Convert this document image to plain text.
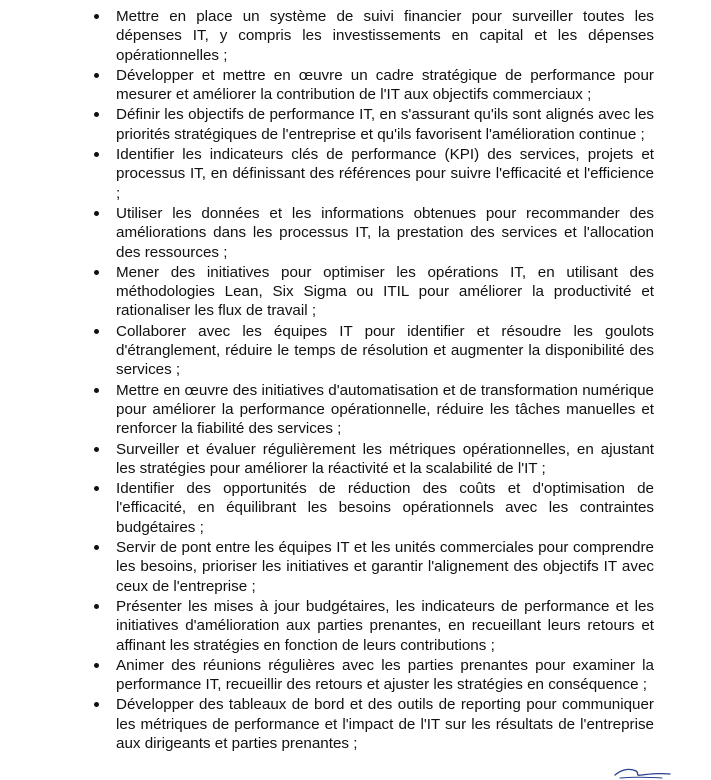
Mettre en place un système de suivi financier pour surveiller toutes les dépenses IT, y compris les investissements en capital et les dépenses opérationnelles ;
Développer et mettre en œuvre un cadre stratégique de performance pour mesurer et améliorer la contribution de l'IT aux objectifs commerciaux ;
Définir les objectifs de performance IT, en s'assurant qu'ils sont alignés avec les priorités stratégiques de l'entreprise et qu'ils favorisent l'amélioration continue ;
Identifier les indicateurs clés de performance (KPI) des services, projets et processus IT, en définissant des références pour suivre l'efficacité et l'efficience ;
Utiliser les données et les informations obtenues pour recommander des améliorations dans les processus IT, la prestation des services et l'allocation des ressources ;
Mener des initiatives pour optimiser les opérations IT, en utilisant des méthodologies Lean, Six Sigma ou ITIL pour améliorer la productivité et rationaliser les flux de travail ;
Collaborer avec les équipes IT pour identifier et résoudre les goulots d'étranglement, réduire le temps de résolution et augmenter la disponibilité des services ;
Mettre en œuvre des initiatives d'automatisation et de transformation numérique pour améliorer la performance opérationnelle, réduire les tâches manuelles et renforcer la fiabilité des services ;
Surveiller et évaluer régulièrement les métriques opérationnelles, en ajustant les stratégies pour améliorer la réactivité et la scalabilité de l'IT ;
Identifier des opportunités de réduction des coûts et d'optimisation de l'efficacité, en équilibrant les besoins opérationnels avec les contraintes budgétaires ;
Servir de pont entre les équipes IT et les unités commerciales pour comprendre les besoins, prioriser les initiatives et garantir l'alignement des objectifs IT avec ceux de l'entreprise ;
Présenter les mises à jour budgétaires, les indicateurs de performance et les initiatives d'amélioration aux parties prenantes, en recueillant leurs retours et affinant les stratégies en fonction de leurs contributions ;
Animer des réunions régulières avec les parties prenantes pour examiner la performance IT, recueillir des retours et ajuster les stratégies en conséquence ;
Développer des tableaux de bord et des outils de reporting pour communiquer les métriques de performance et l'impact de l'IT sur les résultats de l'entreprise aux dirigeants et parties prenantes ;
